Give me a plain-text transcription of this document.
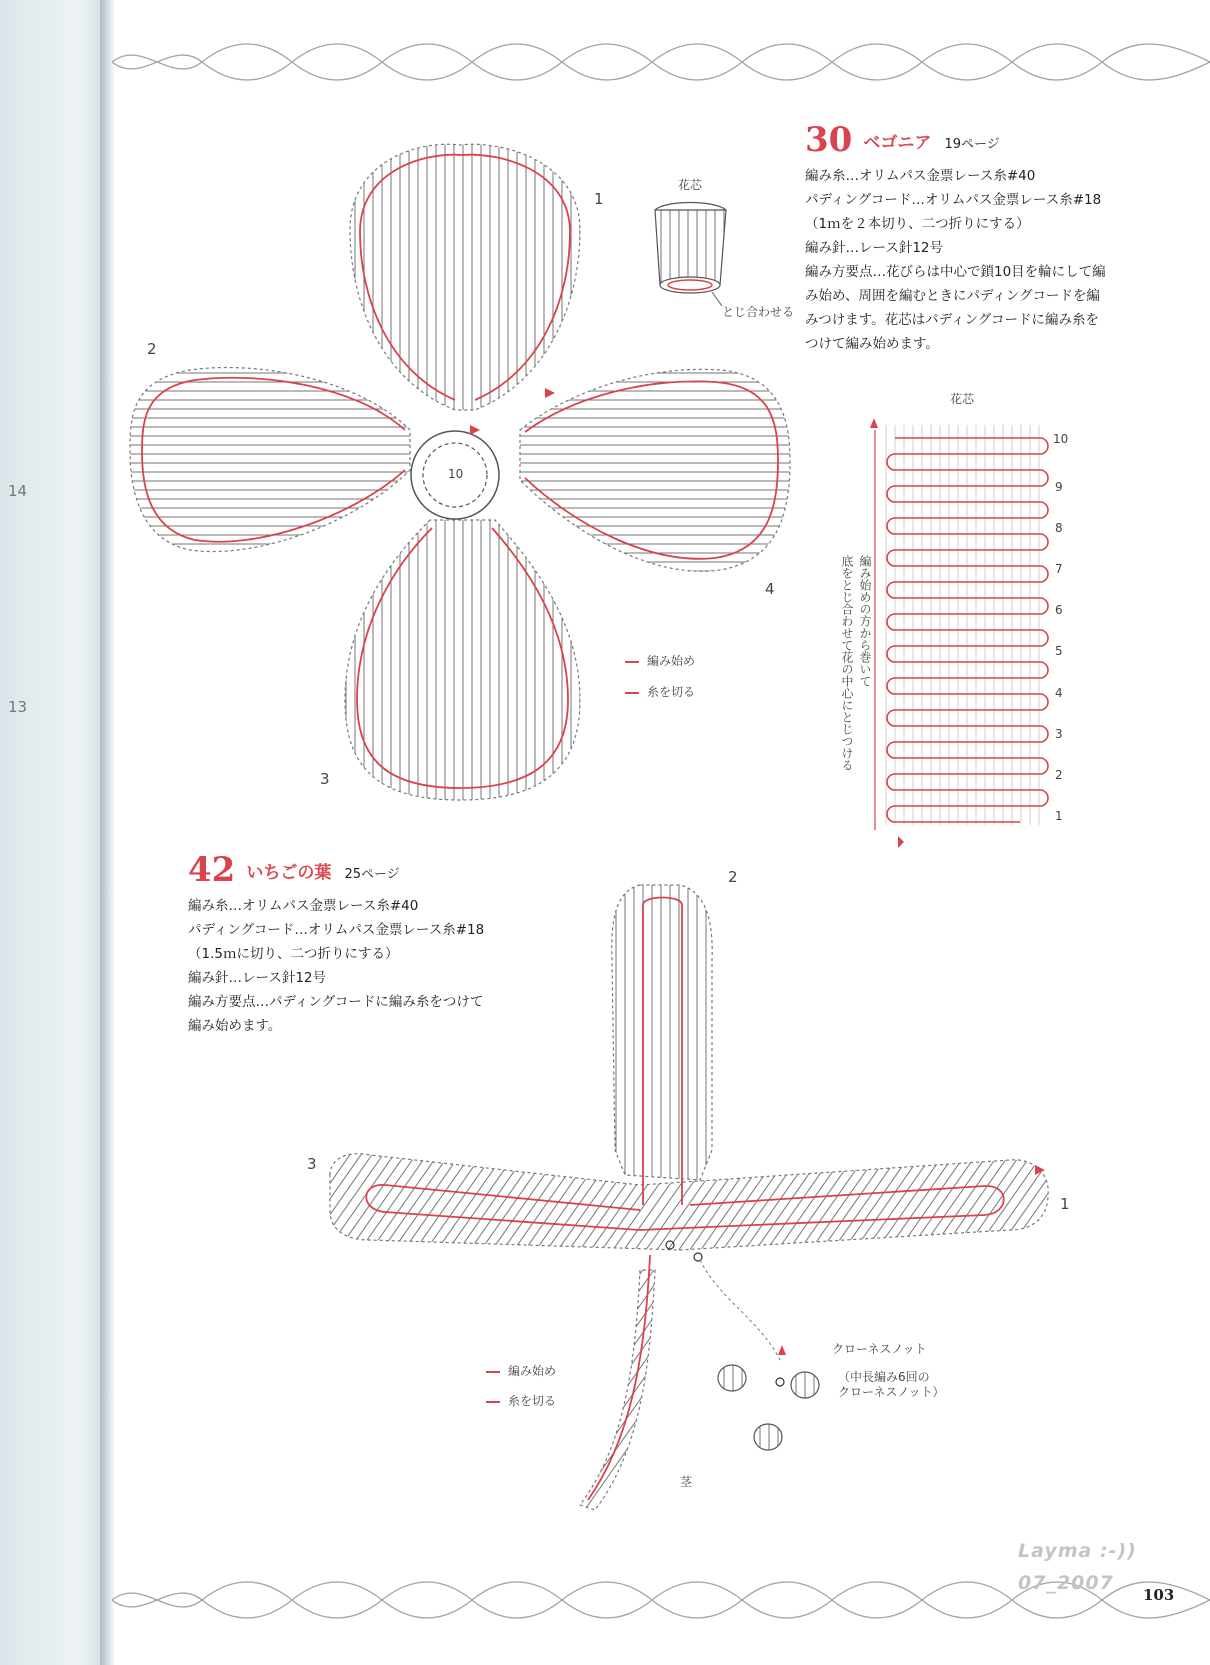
14
13
30 ベゴニア 19ページ
編み糸…オリムパス金票レース糸#40
パディングコード…オリムパス金票レース糸#18
（1ｍを２本切り、二つ折りにする）
編み針…レース針12号
編み方要点…花びらは中心で鎖10目を輪にして編
み始め、周囲を編むときにパディングコードを編
みつけます。花芯はパディングコードに編み糸を
つけて編み始めます。
1
2
3
4
10
花芯
とじ合わせる
花芯
10
9
8
7
6
5
4
3
2
1
編み始めの方から巻いて
底をとじ合わせて花の中心にとじつける
編み始め
糸を切る
42 いちごの葉 25ページ
編み糸…オリムパス金票レース糸#40
パディングコード…オリムパス金票レース糸#18
（1.5ｍに切り、二つ折りにする）
編み針…レース針12号
編み方要点…パディングコードに編み糸をつけて
編み始めます。
1
2
3
編み始め
糸を切る
クローネスノット
（中長編み6回の
クローネスノット）
茎
Layma :-))
07_2007
103
